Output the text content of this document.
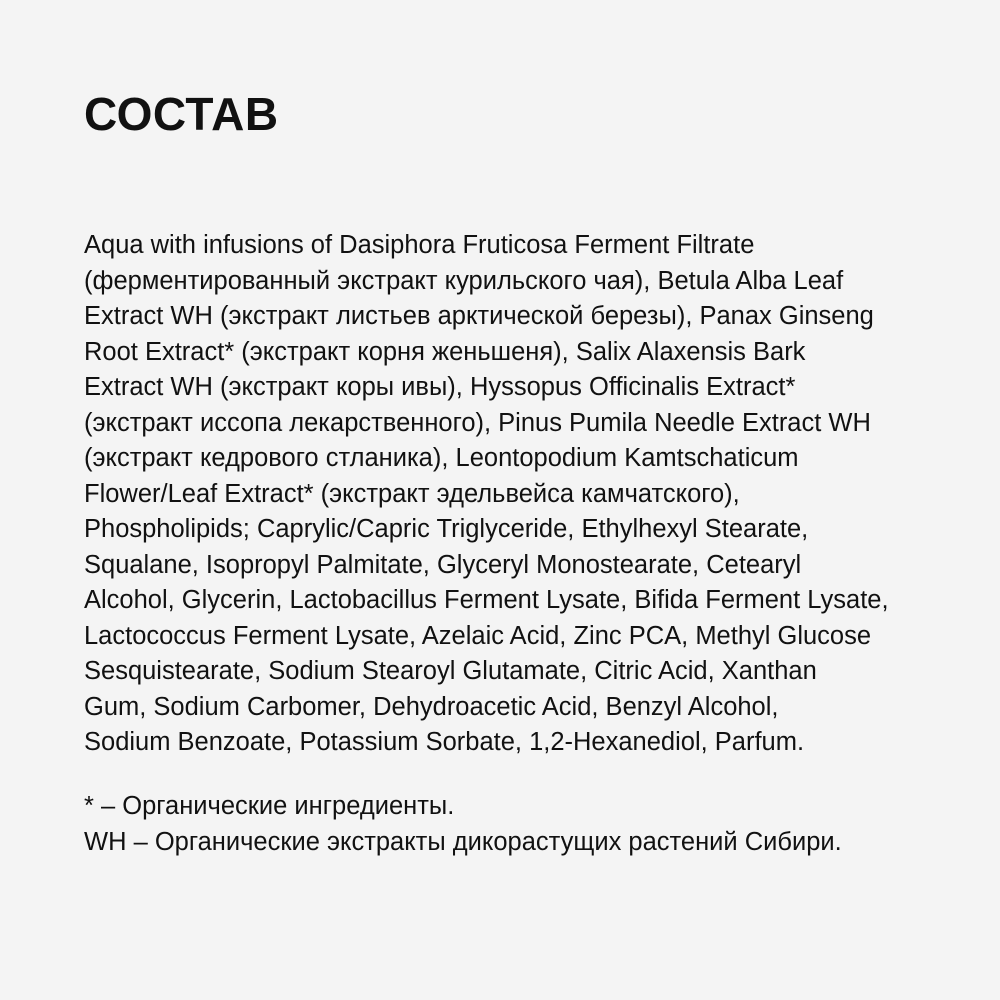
СОСТАВ
Aqua with infusions of Dasiphora Fruticosa Ferment Filtrate
(ферментированный экстракт курильского чая), Betula Alba Leaf
Extract WH (экстракт листьев арктической березы), Panax Ginseng
Root Extract* (экстракт корня женьшеня), Salix Alaxensis Bark
Extract WH (экстракт коры ивы), Hyssopus Officinalis Extract*
(экстракт иссопа лекарственного), Pinus Pumila Needle Extract WH
(экстракт кедрового стланика), Leontopodium Kamtschaticum
Flower/Leaf Extract* (экстракт эдельвейса камчатского),
Phospholipids; Caprylic/Capric Triglyceride, Ethylhexyl Stearate,
Squalane, Isopropyl Palmitate, Glyceryl Monostearate, Cetearyl
Alcohol, Glycerin, Lactobacillus Ferment Lysate, Bifida Ferment Lysate,
Lactococcus Ferment Lysate, Azelaic Acid, Zinc PCA, Methyl Glucose
Sesquistearate, Sodium Stearoyl Glutamate, Citric Acid, Xanthan
Gum, Sodium Carbomer, Dehydroacetic Acid, Benzyl Alcohol,
Sodium Benzoate, Potassium Sorbate, 1,2-Hexanediol, Parfum.
* – Органические ингредиенты.
WH – Органические экстракты дикорастущих растений Сибири.
